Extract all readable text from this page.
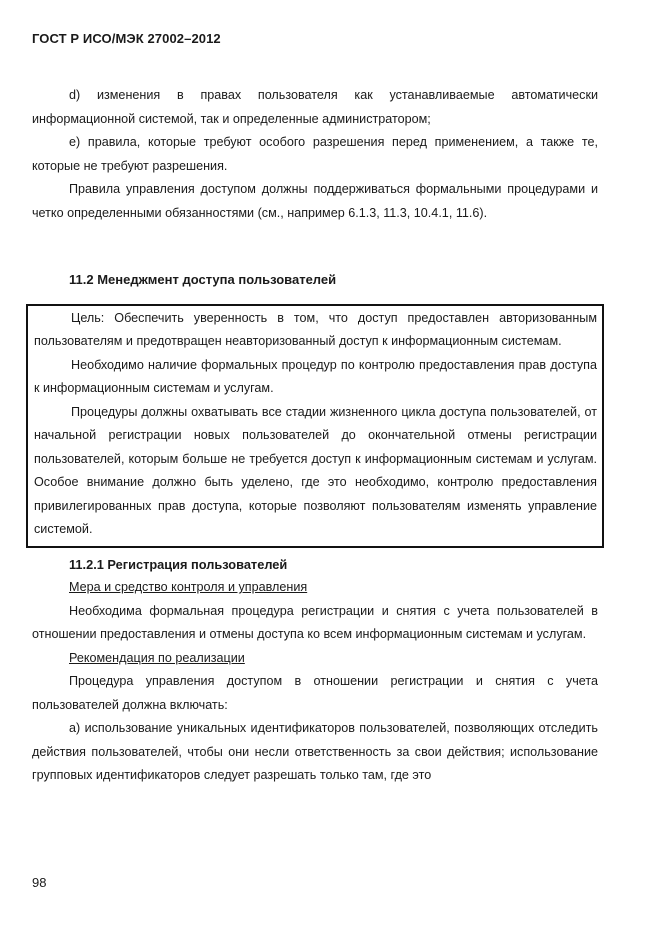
ГОСТ Р ИСО/МЭК 27002–2012

d) изменения в правах пользователя как устанавливаемые автоматически информационной системой, так и определенные администратором;

e) правила, которые требуют особого разрешения перед применением, а также те, которые не требуют разрешения.

Правила управления доступом должны поддерживаться формальными процедурами и четко определенными обязанностями (см., например 6.1.3, 11.3, 10.4.1, 11.6).

11.2 Менеджмент доступа пользователей

Цель: Обеспечить уверенность в том, что доступ предоставлен авторизованным пользователям и предотвращен неавторизованный доступ к информационным системам.

Необходимо наличие формальных процедур по контролю предоставления прав доступа к информационным системам и услугам.

Процедуры должны охватывать все стадии жизненного цикла доступа пользователей, от начальной регистрации новых пользователей до окончательной отмены регистрации пользователей, которым больше не требуется доступ к информационным системам и услугам. Особое внимание должно быть уделено, где это необходимо, контролю предоставления привилегированных прав доступа, которые позволяют пользователям изменять управление системой.

11.2.1 Регистрация пользователей

Мера и средство контроля и управления

Необходима формальная процедура регистрации и снятия с учета пользователей в отношении предоставления и отмены доступа ко всем информационным системам и услугам.

Рекомендация по реализации

Процедура управления доступом в отношении регистрации и снятия с учета пользователей должна включать:

a) использование уникальных идентификаторов пользователей, позволяющих отследить действия пользователей, чтобы они несли ответственность за свои действия; использование групповых идентификаторов следует разрешать только там, где это

98
